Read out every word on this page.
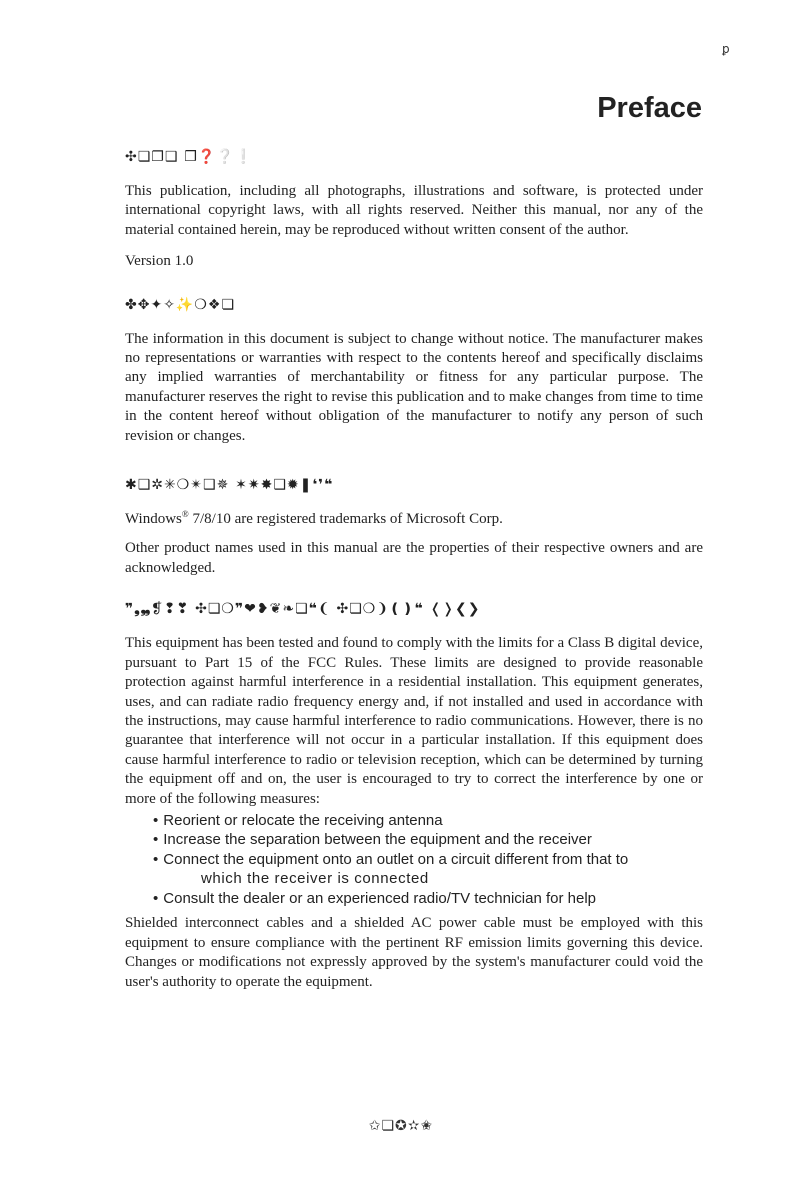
ꝑ
Preface
✣❏❐❑ ❒❓❔❕

This publication, including all photographs, illustrations and software, is protected under international copyright laws, with all rights reserved. Neither this manual, nor any of the material contained herein, may be reproduced without written consent of the author.

Version 1.0

✤✥✦✧✨❍❖❏

The information in this document is subject to change without notice. The manufacturer makes no representations or warranties with respect to the contents hereof and specifically disclaims any implied warranties of merchantability or fitness for any particular purpose. The manufacturer reserves the right to revise this publication and to make changes from time to time in the content hereof without obligation of the manufacturer to notify any person of such revision or changes.

✱❑✲✳❍✴❑✵ ✶✷✸❑✹❚❛❜❝

Windows® 7/8/10 are registered trademarks of Microsoft Corp.

Other product names used in this manual are the properties of their respective owners and are acknowledged.

❞❟❠❡❢❣ ✣❏❍❞❤❥❦❧❏❝❨ ✣❏❍❩❪❫❝ ❬❭❮❯

This equipment has been tested and found to comply with the limits for a Class B digital device, pursuant to Part 15 of the FCC Rules. These limits are designed to provide reasonable protection against harmful interference in a residential installation. This equipment generates, uses, and can radiate radio frequency energy and, if not installed and used in accordance with the instructions, may cause harmful interference to radio communications. However, there is no guarantee that interference will not occur in a particular installation. If this equipment does cause harmful interference to radio or television reception, which can be determined by turning the equipment off and on, the user is encouraged to try to correct the interference by one or more of the following measures:

• Reorient or relocate the receiving antenna
• Increase the separation between the equipment and the receiver
• Connect the equipment onto an outlet on a circuit different from that to
which the receiver is connected
• Consult the dealer or an experienced radio/TV technician for help

Shielded interconnect cables and a shielded AC power cable must be employed with this equipment to ensure compliance with the pertinent RF emission limits governing this device. Changes or modifications not expressly approved by the system's manufacturer could void the user's authority to operate the equipment.

✩❏✪✫✬
